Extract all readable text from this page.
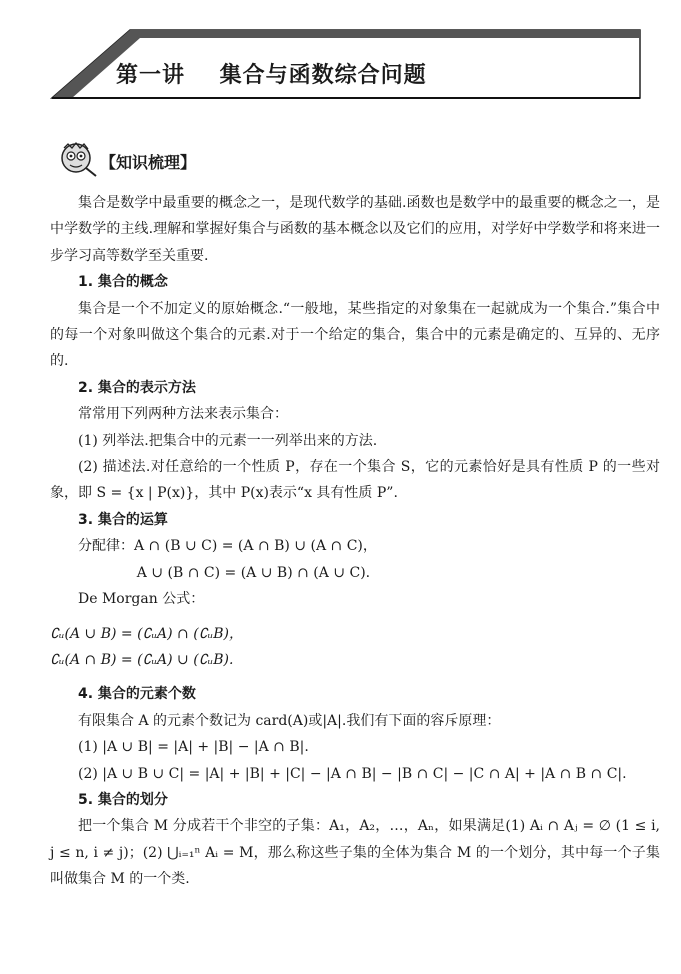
第一讲 集合与函数综合问题
【知识梳理】

集合是数学中最重要的概念之一，是现代数学的基础.函数也是数学中的最重要的概念之一，是中学数学的主线.理解和掌握好集合与函数的基本概念以及它们的应用，对学好中学数学和将来进一步学习高等数学至关重要.

1. 集合的概念

集合是一个不加定义的原始概念.“一般地，某些指定的对象集在一起就成为一个集合.”集合中的每一个对象叫做这个集合的元素.对于一个给定的集合，集合中的元素是确定的、互异的、无序的.

2. 集合的表示方法

常常用下列两种方法来表示集合：

(1) 列举法.把集合中的元素一一列举出来的方法.

(2) 描述法.对任意给的一个性质 P，存在一个集合 S，它的元素恰好是具有性质 P 的一些对象，即 S = {x | P(x)}，其中 P(x)表示“x 具有性质 P”.

3. 集合的运算

分配律：A ∩ (B ∪ C) = (A ∩ B) ∪ (A ∩ C)，

A ∪ (B ∩ C) = (A ∪ B) ∩ (A ∪ C).

De Morgan 公式：

∁ᵤ(A ∪ B) = (∁ᵤA) ∩ (∁ᵤB)，

∁ᵤ(A ∩ B) = (∁ᵤA) ∪ (∁ᵤB).

4. 集合的元素个数

有限集合 A 的元素个数记为 card(A)或|A|.我们有下面的容斥原理：

(1) |A ∪ B| = |A| + |B| − |A ∩ B|.

(2) |A ∪ B ∪ C| = |A| + |B| + |C| − |A ∩ B| − |B ∩ C| − |C ∩ A| + |A ∩ B ∩ C|.

5. 集合的划分

把一个集合 M 分成若干个非空的子集：A₁，A₂，…，Aₙ，如果满足(1) Aᵢ ∩ Aⱼ = ∅ (1 ≤ i, j ≤ n, i ≠ j)；(2) ⋃ᵢ₌₁ⁿ Aᵢ = M，那么称这些子集的全体为集合 M 的一个划分，其中每一个子集叫做集合 M 的一个类.
